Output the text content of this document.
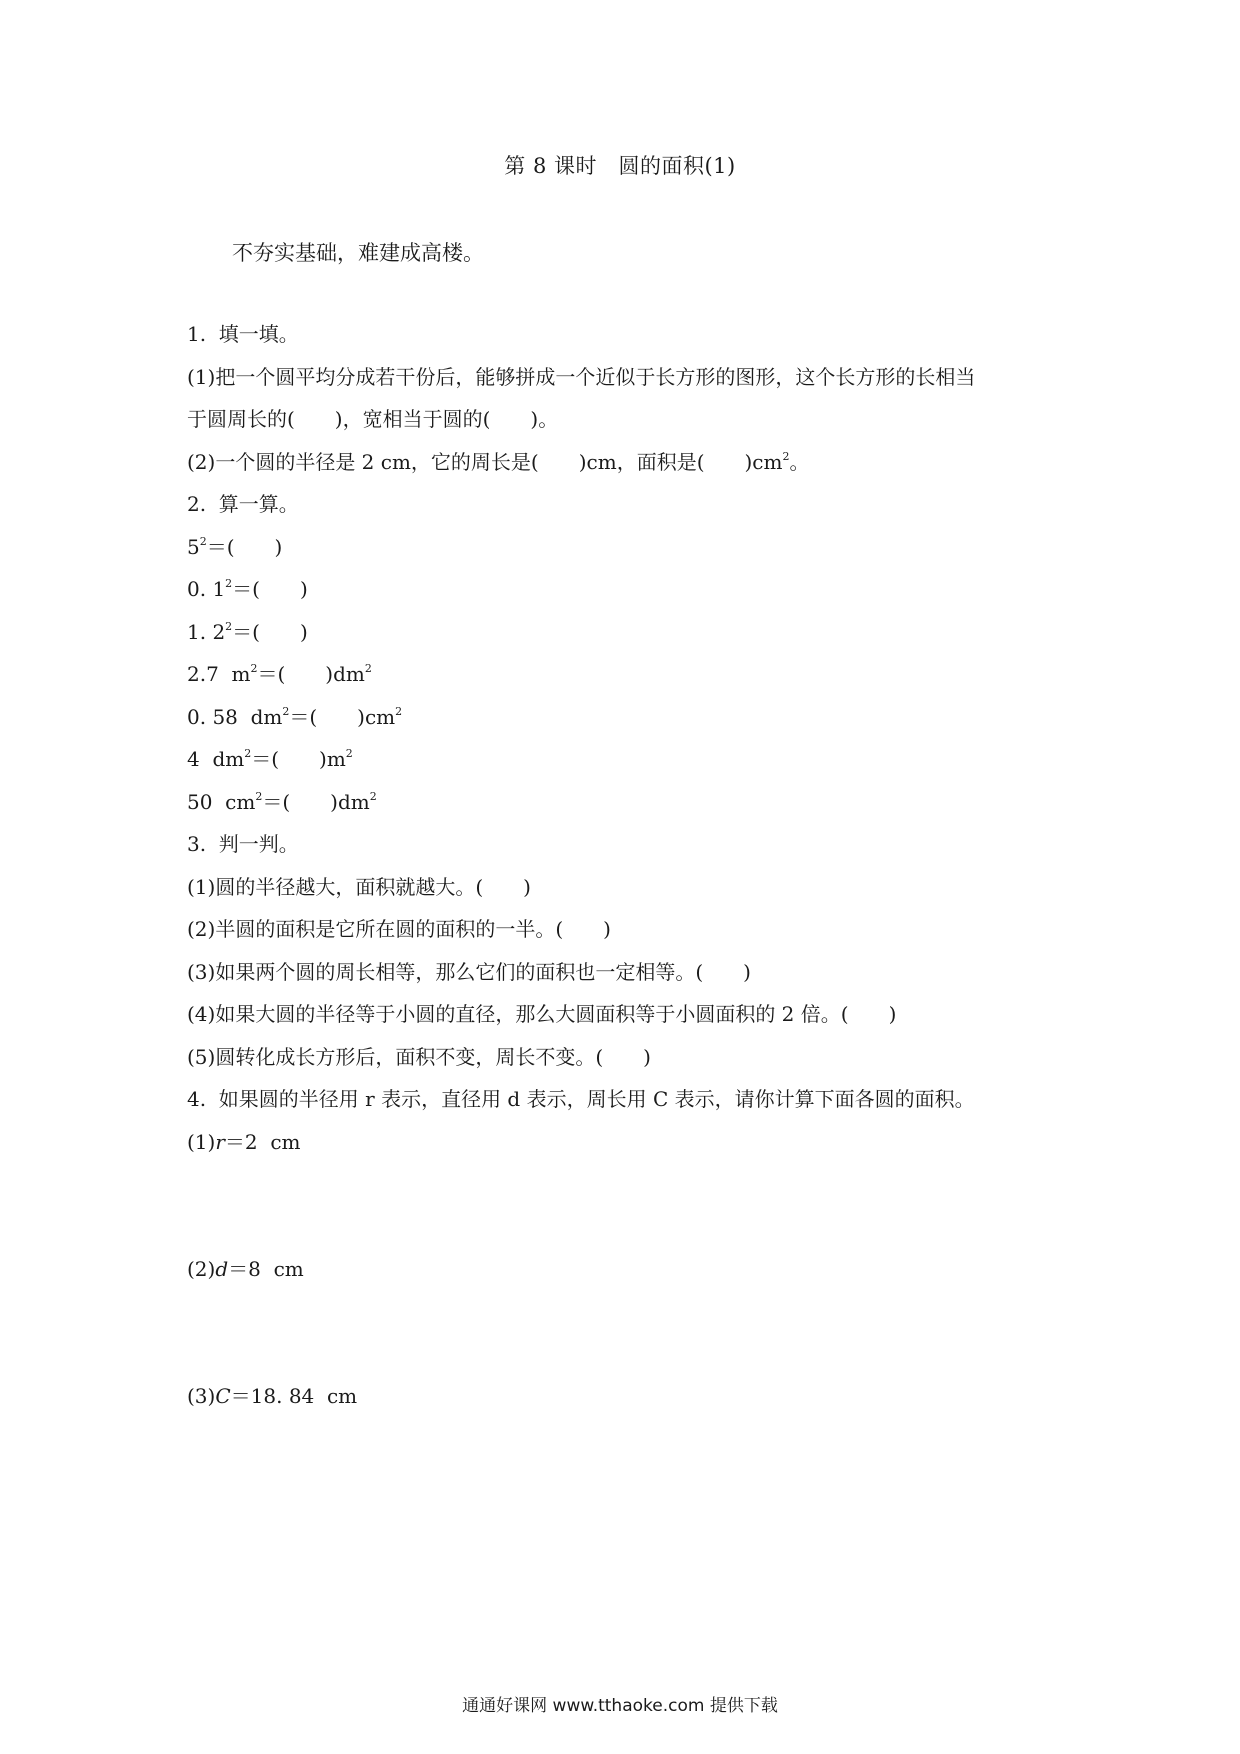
第 8 课时　圆的面积(1)
不夯实基础，难建成高楼。
1.  填一填。
(1)把一个圆平均分成若干份后，能够拼成一个近似于长方形的图形，这个长方形的长相当
于圆周长的(　　)，宽相当于圆的(　　)。
(2)一个圆的半径是 2 cm，它的周长是(　　)cm，面积是(　　)$cm^2$。
2.  算一算。
$5^2=$(　　)
0. $1^2=$(　　)
1. $2^2=$(　　)
2.7  $m^2=$(　　)$dm^2$
0. 58  $dm^2=$(　　)$cm^2$
4  $dm^2=$(　　)$m^2$
50  $cm^2=$(　　)$dm^2$
3.  判一判。
(1)圆的半径越大，面积就越大。(　　)
(2)半圆的面积是它所在圆的面积的一半。(　　)
(3)如果两个圆的周长相等，那么它们的面积也一定相等。(　　)
(4)如果大圆的半径等于小圆的直径，那么大圆面积等于小圆面积的 2 倍。(　　)
(5)圆转化成长方形后，面积不变，周长不变。(　　)
4.  如果圆的半径用 r 表示，直径用 d 表示，周长用 C 表示，请你计算下面各圆的面积。
(1)r＝2  cm
(2)d＝8  cm
(3)C＝18. 84  cm
通通好课网 www.tthaoke.com 提供下载
